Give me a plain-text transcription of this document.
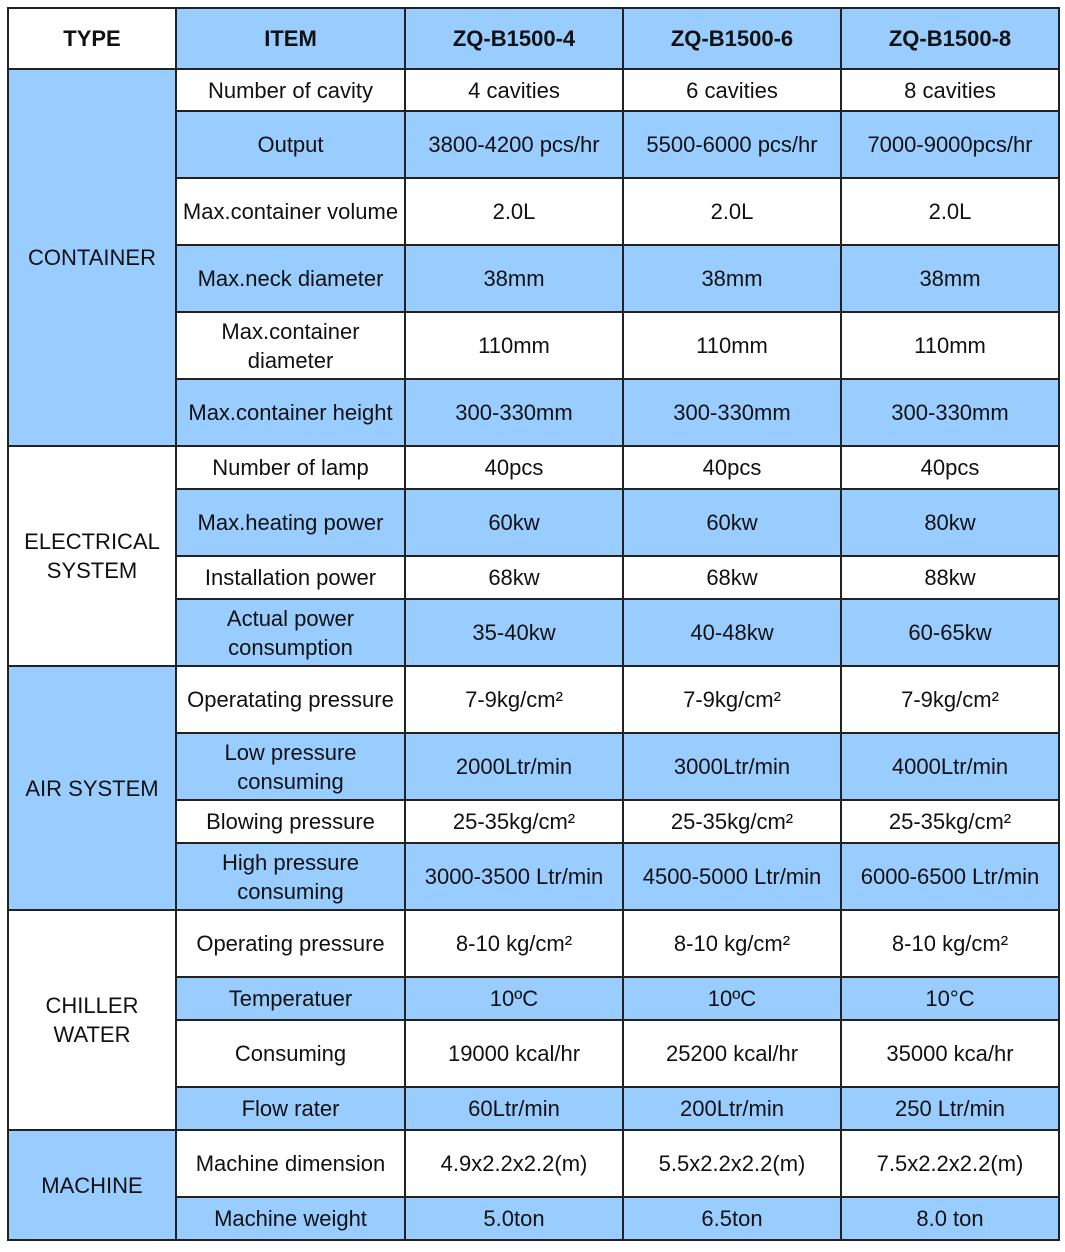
TYPE	ITEM	ZQ-B1500-4	ZQ-B1500-6	ZQ-B1500-8
CONTAINER	Number of cavity	4 cavities	6 cavities	8 cavities
	Output	3800-4200 pcs/hr	5500-6000 pcs/hr	7000-9000pcs/hr
	Max.container volume	2.0L	2.0L	2.0L
	Max.neck diameter	38mm	38mm	38mm
	Max.container diameter	110mm	110mm	110mm
	Max.container height	300-330mm	300-330mm	300-330mm
ELECTRICAL SYSTEM	Number of lamp	40pcs	40pcs	40pcs
	Max.heating power	60kw	60kw	80kw
	Installation power	68kw	68kw	88kw
	Actual power consumption	35-40kw	40-48kw	60-65kw
AIR SYSTEM	Operatating pressure	7-9kg/cm²	7-9kg/cm²	7-9kg/cm²
	Low pressure consuming	2000Ltr/min	3000Ltr/min	4000Ltr/min
	Blowing pressure	25-35kg/cm²	25-35kg/cm²	25-35kg/cm²
	High pressure consuming	3000-3500 Ltr/min	4500-5000 Ltr/min	6000-6500 Ltr/min
CHILLER WATER	Operating pressure	8-10 kg/cm²	8-10 kg/cm²	8-10 kg/cm²
	Temperatuer	10ºC	10ºC	10°C
	Consuming	19000 kcal/hr	25200 kcal/hr	35000 kca/hr
	Flow rater	60Ltr/min	200Ltr/min	250 Ltr/min
MACHINE	Machine dimension	4.9x2.2x2.2(m)	5.5x2.2x2.2(m)	7.5x2.2x2.2(m)
	Machine weight	5.0ton	6.5ton	8.0 ton
